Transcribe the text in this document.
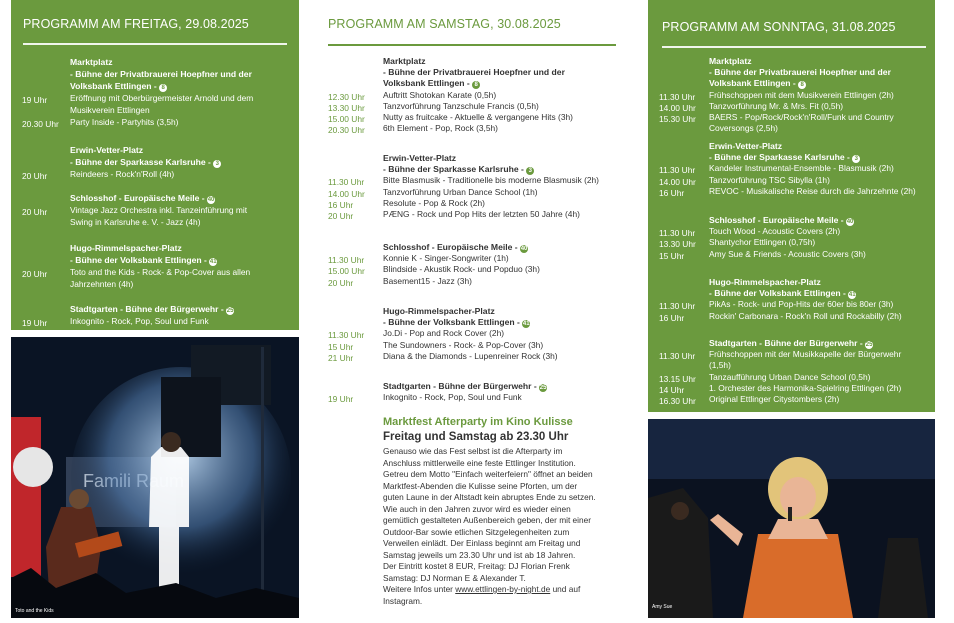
PROGRAMM AM FREITAG, 29.08.2025
Marktplatz
- Bühne der Privatbrauerei Hoepfner und der
Volksbank Ettlingen - 8
19 Uhr	Eröffnung mit Oberbürgermeister Arnold und dem
Musikverein Ettlingen
20.30 Uhr Party Inside - Partyhits (3,5h)
Erwin-Vetter-Platz
- Bühne der Sparkasse Karlsruhe - 3
20 Uhr	Reindeers - Rock'n'Roll (4h)
Schlosshof - Europäische Meile - 40
20 Uhr	Vintage Jazz Orchestra inkl. Tanzeinführung mit
Swing in Karlsruhe e. V. - Jazz (4h)
Hugo-Rimmelspacher-Platz
- Bühne der Volksbank Ettlingen - 41
20 Uhr	Toto and the Kids - Rock- & Pop-Cover aus allen
Jahrzehnten (4h)
Stadtgarten - Bühne der Bürgerwehr - 25
19 Uhr	Inkognito - Rock, Pop, Soul und Funk
Toto and the Kids
PROGRAMM AM SAMSTAG, 30.08.2025
Marktplatz
- Bühne der Privatbrauerei Hoepfner und der
Volksbank Ettlingen - 8
12.30 Uhr Auftritt Shotokan Karate (0,5h)
13.30 Uhr Tanzvorführung Tanzschule Francis (0,5h)
15.00 Uhr Nutty as fruitcake - Aktuelle & vergangene Hits (3h)
20.30 Uhr 6th Element - Pop, Rock (3,5h)
Erwin-Vetter-Platz
- Bühne der Sparkasse Karlsruhe - 3
11.30 Uhr Bitte Blasmusik - Traditionelle bis moderne Blasmusik (2h)
14.00 Uhr Tanzvorführung Urban Dance School (1h)
16 Uhr	Resolute - Pop & Rock (2h)
20 Uhr	PÆNG - Rock und Pop Hits der letzten 50 Jahre (4h)
Schlosshof - Europäische Meile - 40
11.30 Uhr Konnie K - Singer-Songwriter (1h)
15.00 Uhr Blindside - Akustik Rock- und Popduo (3h)
20 Uhr	Basement15 - Jazz (3h)
Hugo-Rimmelspacher-Platz
- Bühne der Volksbank Ettlingen - 41
11.30 Uhr Jo.Di - Pop and Rock Cover (2h)
15 Uhr	The Sundowners - Rock- & Pop-Cover (3h)
21 Uhr	Diana & the Diamonds - Lupenreiner Rock (3h)
Stadtgarten - Bühne der Bürgerwehr - 25
19 Uhr	Inkognito - Rock, Pop, Soul und Funk
Marktfest Afterparty im Kino Kulisse
Freitag und Samstag ab 23.30 Uhr
Genauso wie das Fest selbst ist die Afterparty im
Anschluss mittlerweile eine feste Ettlinger Institution.
Getreu dem Motto "Einfach weiterfeiern" öffnet an beiden
Marktfest-Abenden die Kulisse seine Pforten, um der
guten Laune in der Altstadt kein abruptes Ende zu setzen.
Wie auch in den Jahren zuvor wird es wieder einen
gemütlich gestalteten Außenbereich geben, der mit einer
Outdoor-Bar sowie etlichen Sitzgelegenheiten zum
Verweilen einlädt. Der Einlass beginnt am Freitag und
Samstag jeweils um 23.30 Uhr und ist ab 18 Jahren.
Der Eintritt kostet 8 EUR, Freitag: DJ Florian Frenk
Samstag: DJ Norman E & Alexander T.
Weitere Infos unter www.ettlingen-by-night.de und auf
Instagram.
PROGRAMM AM SONNTAG, 31.08.2025
Marktplatz
- Bühne der Privatbrauerei Hoepfner und der
Volksbank Ettlingen - 8
11.30 Uhr Frühschoppen mit dem Musikverein Ettlingen (2h)
14.00 Uhr Tanzvorführung Mr. & Mrs. Fit (0,5h)
15.30 Uhr BAERS - Pop/Rock/Rock'n'Roll/Funk und Country
Coversongs (2,5h)
Erwin-Vetter-Platz
- Bühne der Sparkasse Karlsruhe - 3
11.30 Uhr Kandeler Instrumental-Ensemble - Blasmusik (2h)
14.00 Uhr Tanzvorführung TSC Sibylla (1h)
16 Uhr	REVOC - Musikalische Reise durch die Jahrzehnte (2h)
Schlosshof - Europäische Meile - 40
11.30 Uhr Touch Wood - Acoustic Covers (2h)
13.30 Uhr Shantychor Ettlingen (0,75h)
15 Uhr	Amy Sue & Friends - Acoustic Covers (3h)
Hugo-Rimmelspacher-Platz
- Bühne der Volksbank Ettlingen - 41
11.30 Uhr PikAs - Rock- und Pop-Hits der 60er bis 80er (3h)
16 Uhr	Rockin' Carbonara - Rock'n Roll und Rockabilly (2h)
Stadtgarten - Bühne der Bürgerwehr - 25
11.30 Uhr Frühschoppen mit der Musikkapelle der Bürgerwehr
(1,5h)
13.15 Uhr Tanzaufführung Urban Dance School (0,5h)
14 Uhr	1. Orchester des Harmonika-Spielring Ettlingen (2h)
16.30 Uhr Original Ettlinger Citystombers (2h)
Amy Sue
